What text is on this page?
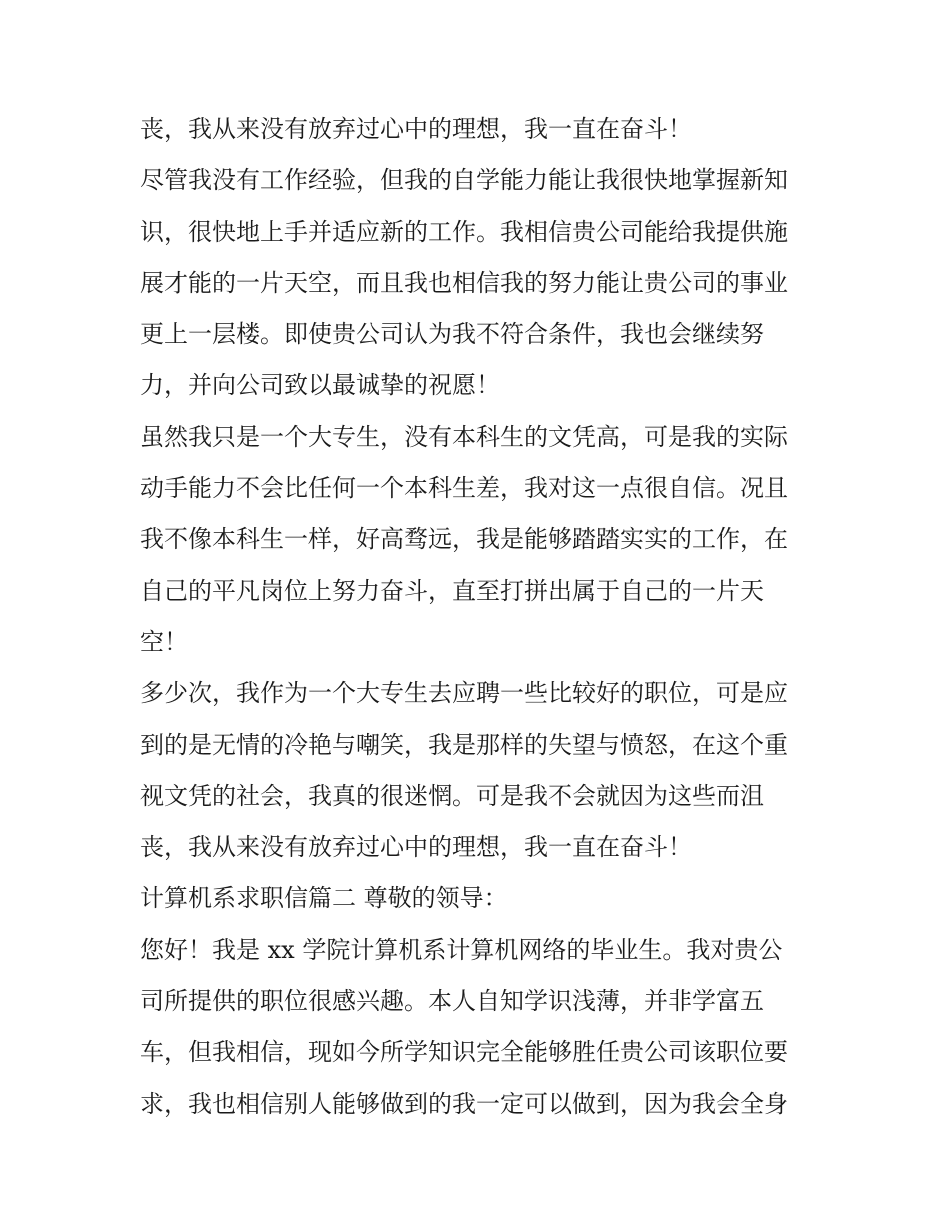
丧，我从来没有放弃过心中的理想，我一直在奋斗！
尽管我没有工作经验，但我的自学能力能让我很快地掌握新知
识，很快地上手并适应新的工作。我相信贵公司能给我提供施
展才能的一片天空，而且我也相信我的努力能让贵公司的事业
更上一层楼。即使贵公司认为我不符合条件，我也会继续努
力，并向公司致以最诚挚的祝愿！
虽然我只是一个大专生，没有本科生的文凭高，可是我的实际
动手能力不会比任何一个本科生差，我对这一点很自信。况且
我不像本科生一样，好高骛远，我是能够踏踏实实的工作，在
自己的平凡岗位上努力奋斗，直至打拼出属于自己的一片天
空！
多少次，我作为一个大专生去应聘一些比较好的职位，可是应
到的是无情的冷艳与嘲笑，我是那样的失望与愤怒，在这个重
视文凭的社会，我真的很迷惘。可是我不会就因为这些而沮
丧，我从来没有放弃过心中的理想，我一直在奋斗！
计算机系求职信篇二 尊敬的领导：
您好！我是 xx 学院计算机系计算机网络的毕业生。我对贵公
司所提供的职位很感兴趣。本人自知学识浅薄，并非学富五
车，但我相信，现如今所学知识完全能够胜任贵公司该职位要
求，我也相信别人能够做到的我一定可以做到，因为我会全身
